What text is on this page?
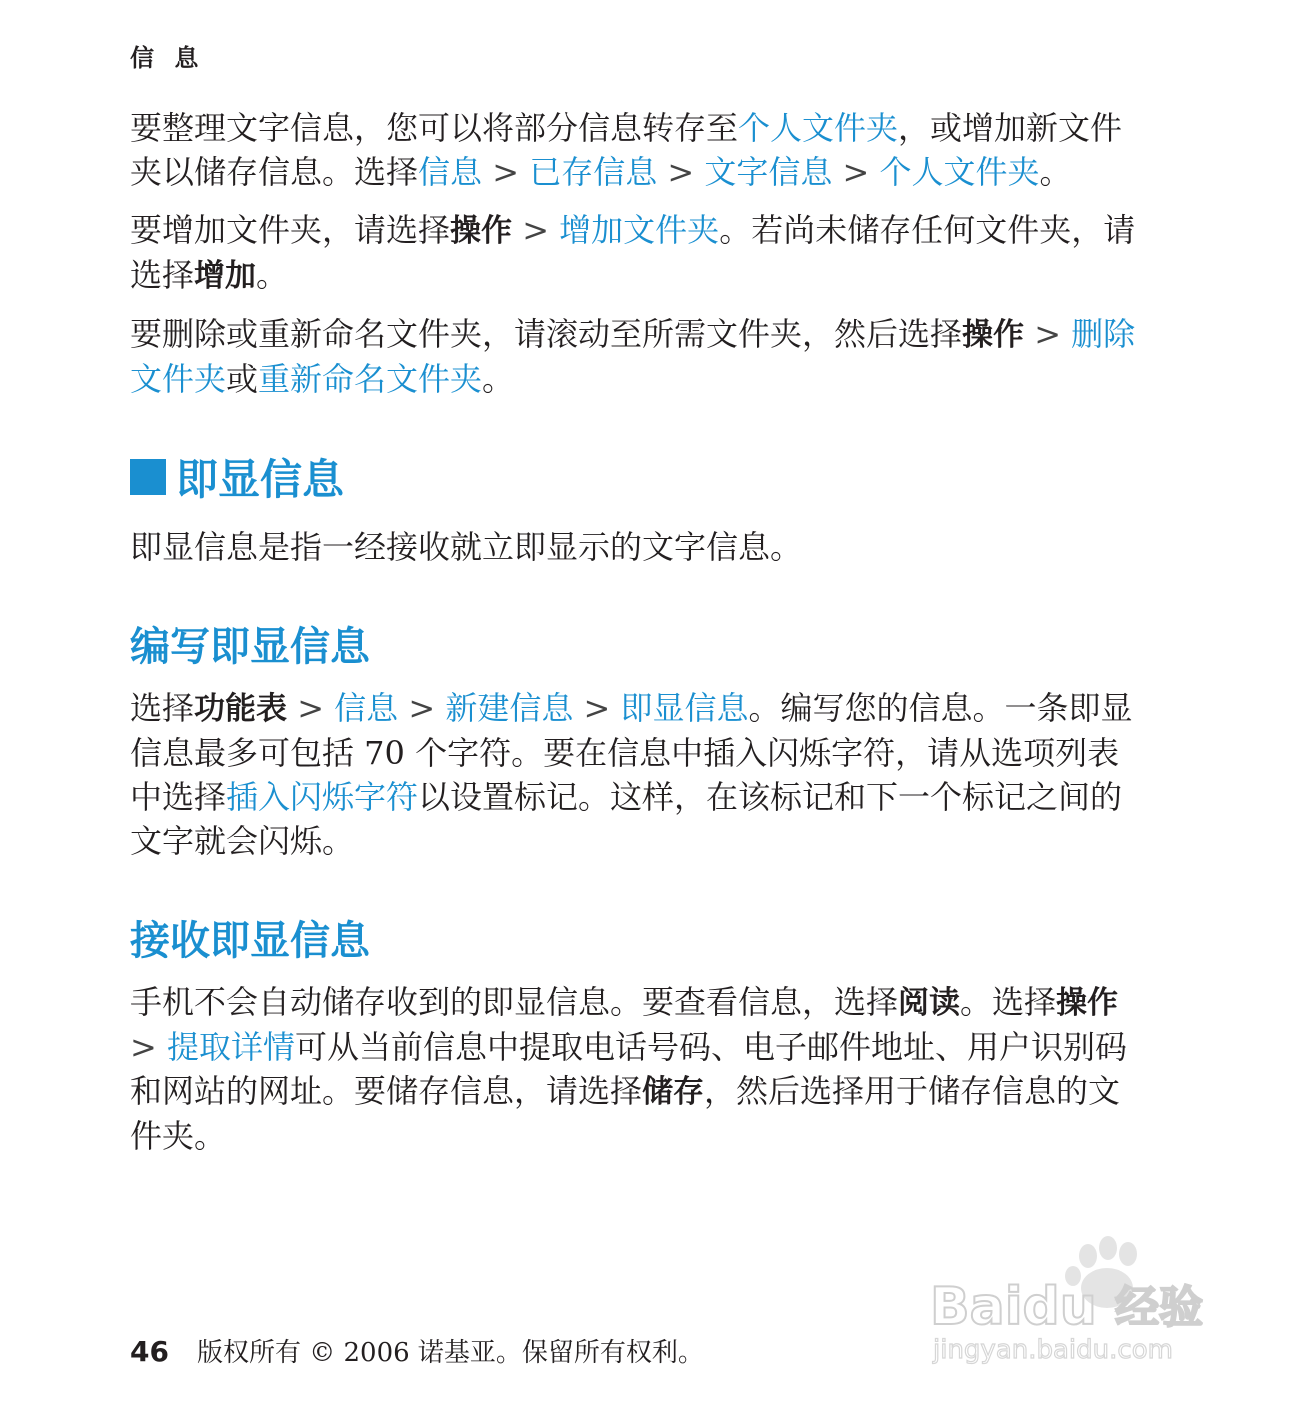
信 息

要整理文字信息，您可以将部分信息转存至个人文件夹，或增加新文件夹以储存信息。选择信息 > 已存信息 > 文字信息 > 个人文件夹。

要增加文件夹，请选择操作 > 增加文件夹。若尚未储存任何文件夹，请选择增加。

要删除或重新命名文件夹，请滚动至所需文件夹，然后选择操作 > 删除文件夹或重新命名文件夹。

即显信息

即显信息是指一经接收就立即显示的文字信息。

编写即显信息

选择功能表 > 信息 > 新建信息 > 即显信息。编写您的信息。一条即显信息最多可包括 70 个字符。要在信息中插入闪烁字符，请从选项列表中选择插入闪烁字符以设置标记。这样，在该标记和下一个标记之间的文字就会闪烁。

接收即显信息

手机不会自动储存收到的即显信息。要查看信息，选择阅读。选择操作 > 提取详情可从当前信息中提取电话号码、电子邮件地址、用户识别码和网站的网址。要储存信息，请选择储存，然后选择用于储存信息的文件夹。

46 版权所有 © 2006 诺基亚。保留所有权利。
Baidu 经验
jingyan.baidu.com
